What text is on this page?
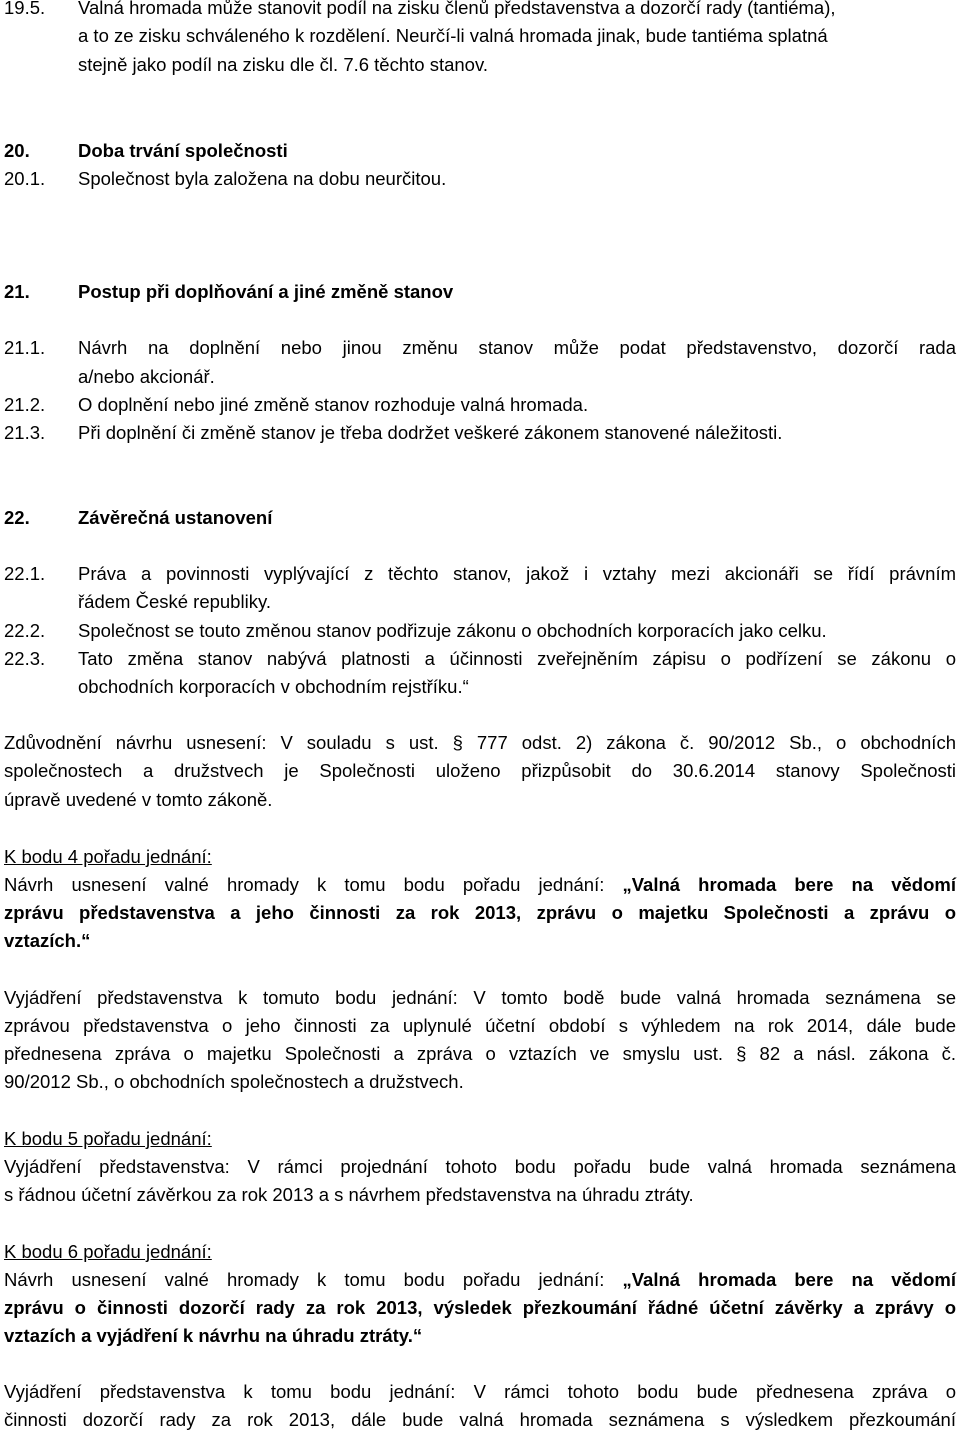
19.5. Valná hromada může stanovit podíl na zisku členů představenstva a dozorčí rady (tantiéma),
a to ze zisku schváleného k rozdělení. Neurčí-li valná hromada jinak, bude tantiéma splatná
stejně jako podíl na zisku dle čl. 7.6 těchto stanov.
20.	Doba trvání společnosti
20.1. Společnost byla založena na dobu neurčitou.
21.	Postup při doplňování a jiné změně stanov
21.1. Návrh na doplnění nebo jinou změnu stanov může podat představenstvo, dozorčí rada
a/nebo akcionář.
21.2. O doplnění nebo jiné změně stanov rozhoduje valná hromada.
21.3. Při doplnění či změně stanov je třeba dodržet veškeré zákonem stanovené náležitosti.
22.	Závěrečná ustanovení
22.1. Práva a povinnosti vyplývající z těchto stanov, jakož i vztahy mezi akcionáři se řídí právním
řádem České republiky.
22.2. Společnost se touto změnou stanov podřizuje zákonu o obchodních korporacích jako celku.
22.3. Tato změna stanov nabývá platnosti a účinnosti zveřejněním zápisu o podřízení se zákonu o
obchodních korporacích v obchodním rejstříku.“
Zdůvodnění návrhu usnesení: V souladu s ust. § 777 odst. 2) zákona č. 90/2012 Sb., o obchodních
společnostech a družstvech je Společnosti uloženo přizpůsobit do 30.6.2014 stanovy Společnosti
úpravě uvedené v tomto zákoně.
K bodu 4 pořadu jednání:
Návrh usnesení valné hromady k tomu bodu pořadu jednání: „Valná hromada bere na vědomí
zprávu představenstva a jeho činnosti za rok 2013, zprávu o majetku Společnosti a zprávu o
vztazích.“
Vyjádření představenstva k tomuto bodu jednání: V tomto bodě bude valná hromada seznámena se
zprávou představenstva o jeho činnosti za uplynulé účetní období s výhledem na rok 2014, dále bude
přednesena zpráva o majetku Společnosti a zpráva o vztazích ve smyslu ust. § 82 a násl. zákona č.
90/2012 Sb., o obchodních společnostech a družstvech.
K bodu 5 pořadu jednání:
Vyjádření představenstva: V rámci projednání tohoto bodu pořadu bude valná hromada seznámena
s řádnou účetní závěrkou za rok 2013 a s návrhem představenstva na úhradu ztráty.
K bodu 6 pořadu jednání:
Návrh usnesení valné hromady k tomu bodu pořadu jednání: „Valná hromada bere na vědomí
zprávu o činnosti dozorčí rady za rok 2013, výsledek přezkoumání řádné účetní závěrky a zprávy o
vztazích a vyjádření k návrhu na úhradu ztráty.“
Vyjádření představenstva k tomu bodu jednání: V rámci tohoto bodu bude přednesena zpráva o
činnosti dozorčí rady za rok 2013, dále bude valná hromada seznámena s výsledkem přezkoumání
